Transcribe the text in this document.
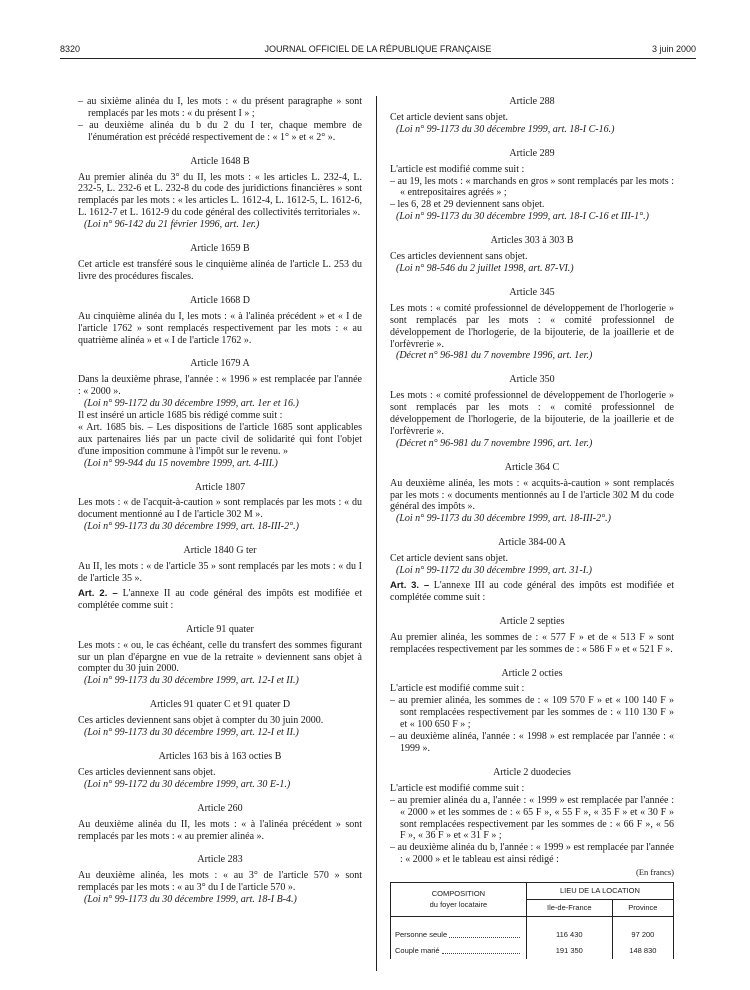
8320	JOURNAL OFFICIEL DE LA RÉPUBLIQUE FRANÇAISE	3 juin 2000

– au sixième alinéa du I, les mots : « du présent paragraphe » sont remplacés par les mots : « du présent I » ;

– au deuxième alinéa du b du 2 du I ter, chaque membre de l'énumération est précédé respectivement de : « 1° » et « 2° ».

Article 1648 B

Au premier alinéa du 3° du II, les mots : « les articles L. 232-4, L. 232-5, L. 232-6 et L. 232-8 du code des juridictions financières » sont remplacés par les mots : « les articles L. 1612-4, L. 1612-5, L. 1612-6, L. 1612-7 et L. 1612-9 du code général des collectivités territoriales ».

(Loi n° 96-142 du 21 février 1996, art. 1er.)

Article 1659 B

Cet article est transféré sous le cinquième alinéa de l'article L. 253 du livre des procédures fiscales.

Article 1668 D

Au cinquième alinéa du I, les mots : « à l'alinéa précédent » et « I de l'article 1762 » sont remplacés respectivement par les mots : « au quatrième alinéa » et « I de l'article 1762 ».

Article 1679 A

Dans la deuxième phrase, l'année : « 1996 » est remplacée par l'année : « 2000 ».

(Loi n° 99-1172 du 30 décembre 1999, art. 1er et 16.)

Il est inséré un article 1685 bis rédigé comme suit :

« Art. 1685 bis. – Les dispositions de l'article 1685 sont applicables aux partenaires liés par un pacte civil de solidarité qui font l'objet d'une imposition commune à l'impôt sur le revenu. »

(Loi n° 99-944 du 15 novembre 1999, art. 4-III.)

Article 1807

Les mots : « de l'acquit-à-caution » sont remplacés par les mots : « du document mentionné au I de l'article 302 M ».

(Loi n° 99-1173 du 30 décembre 1999, art. 18-III-2°.)

Article 1840 G ter

Au II, les mots : « de l'article 35 » sont remplacés par les mots : « du I de l'article 35 ».

Art. 2. – L'annexe II au code général des impôts est modifiée et complétée comme suit :

Article 91 quater

Les mots : « ou, le cas échéant, celle du transfert des sommes figurant sur un plan d'épargne en vue de la retraite » deviennent sans objet à compter du 30 juin 2000.

(Loi n° 99-1173 du 30 décembre 1999, art. 12-I et II.)

Articles 91 quater C et 91 quater D

Ces articles deviennent sans objet à compter du 30 juin 2000.

(Loi n° 99-1173 du 30 décembre 1999, art. 12-I et II.)

Articles 163 bis à 163 octies B

Ces articles deviennent sans objet.

(Loi n° 99-1172 du 30 décembre 1999, art. 30 E-1.)

Article 260

Au deuxième alinéa du II, les mots : « à l'alinéa précédent » sont remplacés par les mots : « au premier alinéa ».

Article 283

Au deuxième alinéa, les mots : « au 3° de l'article 570 » sont remplacés par les mots : « au 3° du I de l'article 570 ».

(Loi n° 99-1173 du 30 décembre 1999, art. 18-I B-4.)

Article 288

Cet article devient sans objet.

(Loi n° 99-1173 du 30 décembre 1999, art. 18-I C-16.)

Article 289

L'article est modifié comme suit :

– au 19, les mots : « marchands en gros » sont remplacés par les mots : « entrepositaires agréés » ;

– les 6, 28 et 29 deviennent sans objet.

(Loi n° 99-1173 du 30 décembre 1999, art. 18-I C-16 et III-1°.)

Articles 303 à 303 B

Ces articles deviennent sans objet.

(Loi n° 98-546 du 2 juillet 1998, art. 87-VI.)

Article 345

Les mots : « comité professionnel de développement de l'horlogerie » sont remplacés par les mots : « comité professionnel de développement de l'horlogerie, de la bijouterie, de la joaillerie et de l'orfèvrerie ».

(Décret n° 96-981 du 7 novembre 1996, art. 1er.)

Article 350

Les mots : « comité professionnel de développement de l'horlogerie » sont remplacés par les mots : « comité professionnel de développement de l'horlogerie, de la bijouterie, de la joaillerie et de l'orfèvrerie ».

(Décret n° 96-981 du 7 novembre 1996, art. 1er.)

Article 364 C

Au deuxième alinéa, les mots : « acquits-à-caution » sont remplacés par les mots : « documents mentionnés au I de l'article 302 M du code général des impôts ».

(Loi n° 99-1173 du 30 décembre 1999, art. 18-III-2°.)

Article 384-00 A

Cet article devient sans objet.

(Loi n° 99-1172 du 30 décembre 1999, art. 31-I.)

Art. 3. – L'annexe III au code général des impôts est modifiée et complétée comme suit :

Article 2 septies

Au premier alinéa, les sommes de : « 577 F » et de « 513 F » sont remplacées respectivement par les sommes de : « 586 F » et « 521 F ».

Article 2 octies

L'article est modifié comme suit :

– au premier alinéa, les sommes de : « 109 570 F » et « 100 140 F » sont remplacées respectivement par les sommes de : « 110 130 F » et « 100 650 F » ;

– au deuxième alinéa, l'année : « 1998 » est remplacée par l'année : « 1999 ».

Article 2 duodecies

L'article est modifié comme suit :

– au premier alinéa du a, l'année : « 1999 » est remplacée par l'année : « 2000 » et les sommes de : « 65 F », « 55 F », « 35 F » et « 30 F » sont remplacées respectivement par les sommes de : « 66 F », « 56 F », « 36 F » et « 31 F » ;

– au deuxième alinéa du b, l'année : « 1999 » est remplacée par l'année : « 2000 » et le tableau est ainsi rédigé :

(En francs)

COMPOSITION
du foyer locataire	LIEU DE LA LOCATION	
	Ile-de-France	Province

Personne seule	116 430	97 200

Couple marié	191 350	148 830
